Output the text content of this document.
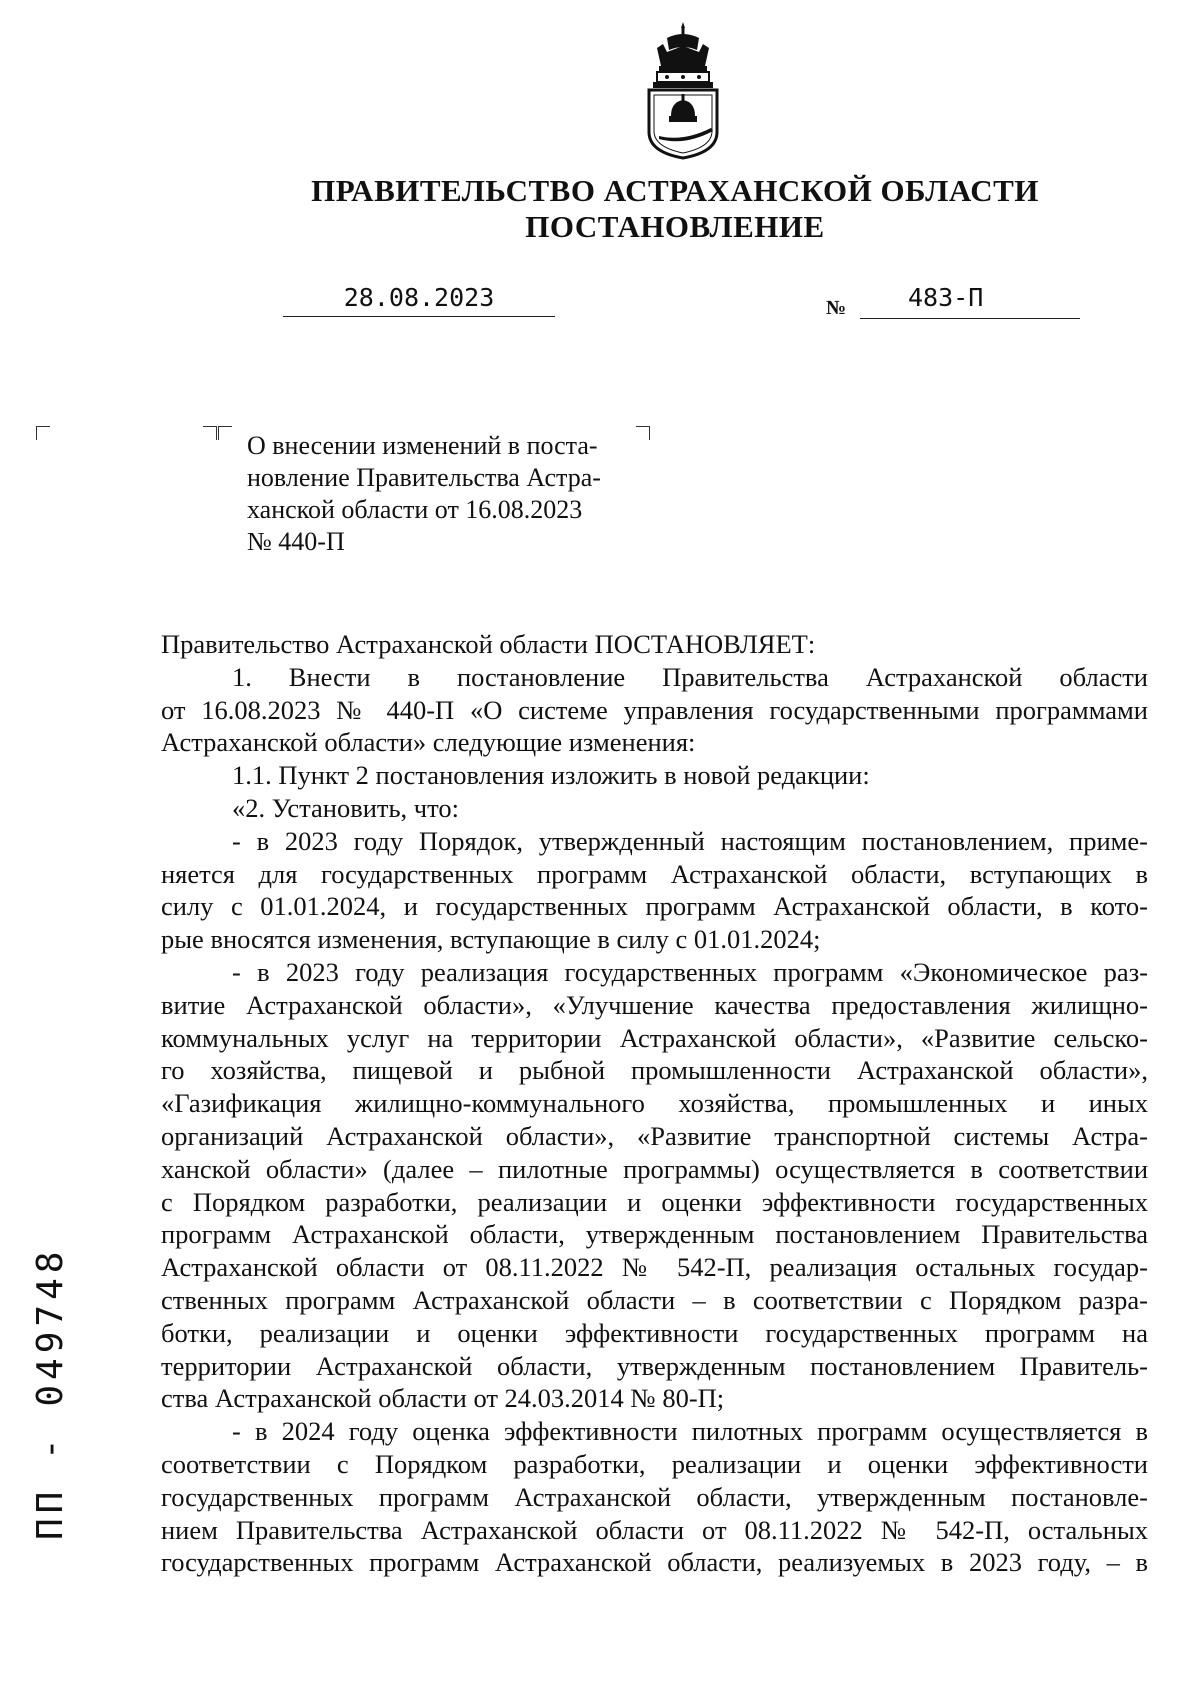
ПРАВИТЕЛЬСТВО АСТРАХАНСКОЙ ОБЛАСТИ
ПОСТАНОВЛЕНИЕ
28.08.2023	№	483-П
О внесении изменений в поста-
новление Правительства Астра-
ханской области от 16.08.2023
№ 440-П
Правительство Астраханской области ПОСТАНОВЛЯЕТ:
1. Внести в постановление Правительства Астраханской области
от 16.08.2023 № 440-П «О системе управления государственными программами
Астраханской области» следующие изменения:
1.1. Пункт 2 постановления изложить в новой редакции:
«2. Установить, что:
- в 2023 году Порядок, утвержденный настоящим постановлением, приме-
няется для государственных программ Астраханской области, вступающих в
силу с 01.01.2024, и государственных программ Астраханской области, в кото-
рые вносятся изменения, вступающие в силу с 01.01.2024;
- в 2023 году реализация государственных программ «Экономическое раз-
витие Астраханской области», «Улучшение качества предоставления жилищно-
коммунальных услуг на территории Астраханской области», «Развитие сельско-
го хозяйства, пищевой и рыбной промышленности Астраханской области»,
«Газификация жилищно-коммунального хозяйства, промышленных и иных
организаций Астраханской области», «Развитие транспортной системы Астра-
ханской области» (далее – пилотные программы) осуществляется в соответствии
с Порядком разработки, реализации и оценки эффективности государственных
программ Астраханской области, утвержденным постановлением Правительства
Астраханской области от 08.11.2022 № 542-П, реализация остальных государ-
ственных программ Астраханской области – в соответствии с Порядком разра-
ботки, реализации и оценки эффективности государственных программ на
территории Астраханской области, утвержденным постановлением Правитель-
ства Астраханской области от 24.03.2014 № 80-П;
- в 2024 году оценка эффективности пилотных программ осуществляется в
соответствии с Порядком разработки, реализации и оценки эффективности
государственных программ Астраханской области, утвержденным постановле-
нием Правительства Астраханской области от 08.11.2022 № 542-П, остальных
государственных программ Астраханской области, реализуемых в 2023 году, – в
ПП - 049748
